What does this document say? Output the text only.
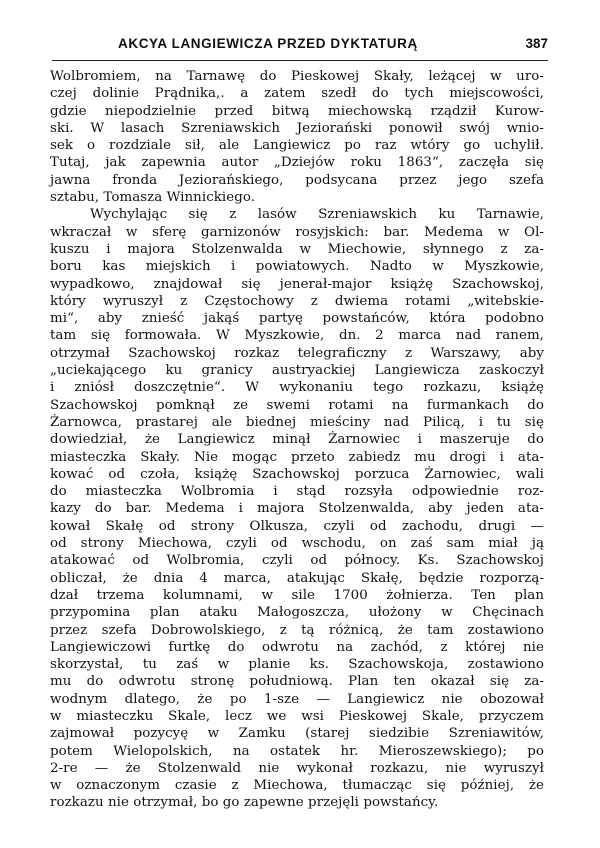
AKCYA LANGIEWICZA PRZED DYKTATURĄ	387
Wolbromiem, na Tarnawę do Pieskowej Skały, leżącej w uro-
czej dolinie Prądnika,. a zatem szedł do tych miejscowości,
gdzie niepodzielnie przed bitwą miechowską rządził Kurow-
ski. W lasach Szreniawskich Jeziorański ponowił swój wnio-
sek o rozdziale sił, ale Langiewicz po raz wtóry go uchylił.
Tutaj, jak zapewnia autor „Dziejów roku 1863“, zaczęła się
jawna fronda Jeziorańskiego, podsycana przez jego szefa
sztabu, Tomasza Winnickiego.
Wychylając się z lasów Szreniawskich ku Tarnawie,
wkraczał w sferę garnizonów rosyjskich: bar. Medema w Ol-
kuszu i majora Stolzenwalda w Miechowie, słynnego z za-
boru kas miejskich i powiatowych. Nadto w Myszkowie,
wypadkowo, znajdował się jenerał-major książę Szachowskoj,
który wyruszył z Częstochowy z dwiema rotami „witebskie-
mi“, aby znieść jakąś partyę powstańców, która podobno
tam się formowała. W Myszkowie, dn. 2 marca nad ranem,
otrzymał Szachowskoj rozkaz telegraficzny z Warszawy, aby
„uciekającego ku granicy austryackiej Langiewicza zaskoczył
i zniósł doszczętnie“. W wykonaniu tego rozkazu, książę
Szachowskoj pomknął ze swemi rotami na furmankach do
Żarnowca, prastarej ale biednej mieściny nad Pilicą, i tu się
dowiedział, że Langiewicz minął Żarnowiec i maszeruje do
miasteczka Skały. Nie mogąc przeto zabiedz mu drogi i ata-
kować od czoła, książę Szachowskoj porzuca Żarnowiec, wali
do miasteczka Wolbromia i stąd rozsyła odpowiednie roz-
kazy do bar. Medema i majora Stolzenwalda, aby jeden ata-
kował Skałę od strony Olkusza, czyli od zachodu, drugi —
od strony Miechowa, czyli od wschodu, on zaś sam miał ją
atakować od Wolbromia, czyli od północy. Ks. Szachowskoj
obliczał, że dnia 4 marca, atakując Skałę, będzie rozporzą-
dzał trzema kolumnami, w sile 1700 żołnierza. Ten plan
przypomina plan ataku Małogoszcza, ułożony w Chęcinach
przez szefa Dobrowolskiego, z tą różnicą, że tam zostawiono
Langiewiczowi furtkę do odwrotu na zachód, z której nie
skorzystał, tu zaś w planie ks. Szachowskoja, zostawiono
mu do odwrotu stronę południową. Plan ten okazał się za-
wodnym dlatego, że po 1-sze — Langiewicz nie obozował
w miasteczku Skale, lecz we wsi Pieskowej Skale, przyczem
zajmował pozycyę w Zamku (starej siedzibie Szreniawitów,
potem Wielopolskich, na ostatek hr. Mieroszewskiego); po
2-re — że Stolzenwald nie wykonał rozkazu, nie wyruszył
w oznaczonym czasie z Miechowa, tłumacząc się później, że
rozkazu nie otrzymał, bo go zapewne przejęli powstańcy.
